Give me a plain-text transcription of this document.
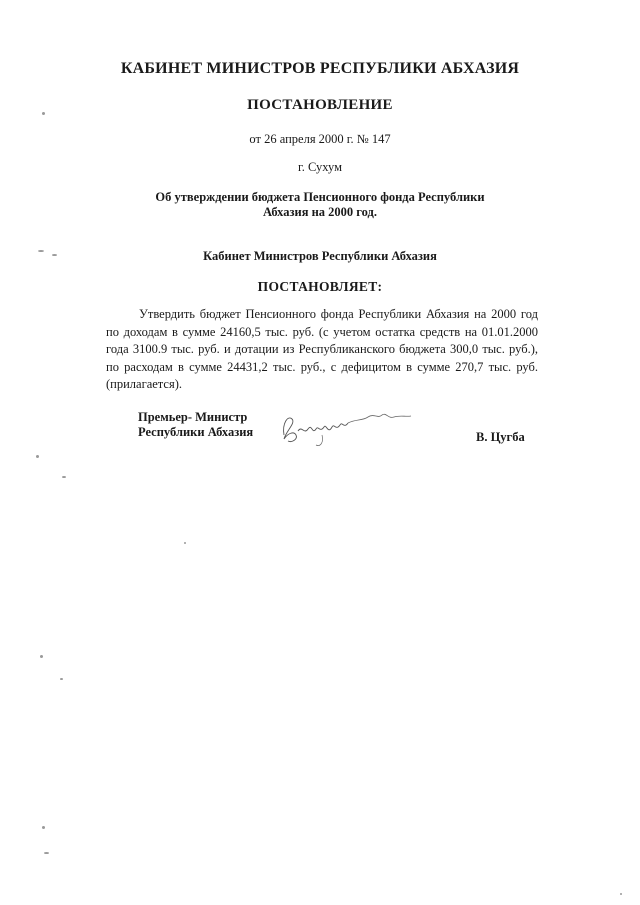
КАБИНЕТ МИНИСТРОВ РЕСПУБЛИКИ АБХАЗИЯ
ПОСТАНОВЛЕНИЕ
от 26 апреля 2000 г. № 147
г. Сухум
Об утверждении бюджета Пенсионного фонда Республики
Абхазия на 2000 год.
Кабинет Министров Республики Абхазия
ПОСТАНОВЛЯЕТ:

Утвердить бюджет Пенсионного фонда Республики Абхазия на 2000 год по доходам в сумме 24160,5 тыс. руб. (с учетом остатка средств на 01.01.2000 года 3100.9 тыс. руб. и дотации из Республиканского бюджета 300,0 тыс. руб.), по расходам в сумме 24431,2 тыс. руб., с дефицитом в сумме 270,7 тыс. руб. (прилагается).

Премьер- Министр
Республики Абхазия	В. Цугба
